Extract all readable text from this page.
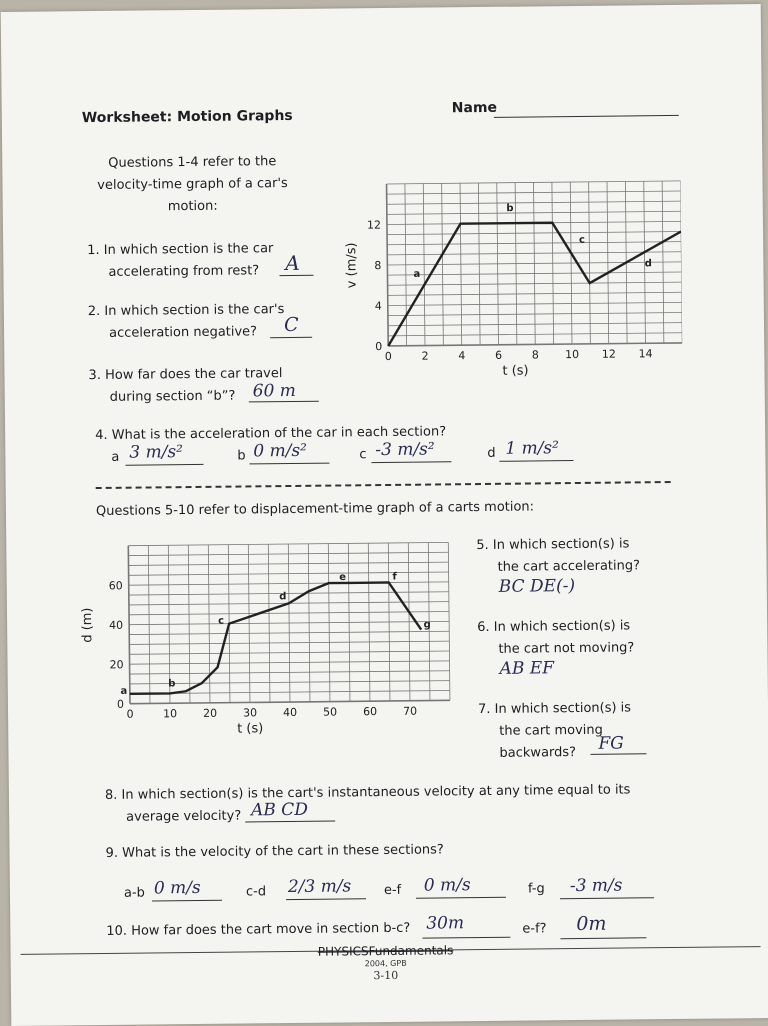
Worksheet: Motion Graphs	Name
Questions 1-4 refer to the
velocity-time graph of a car's
motion:
1. In which section is the car
accelerating from rest?	A
2. In which section is the car's
acceleration negative?	C
3. How far does the car travel
during section “b”?	60 m
0	2	4	6	8 10 12 14
0
4
8
12
a
b
c
d
t (s)
v (m/s)
4. What is the acceleration of the car in each section?
a 3 m/s²	b 0 m/s²	c -3 m/s²	d 1 m/s²
Questions 5-10 refer to displacement-time graph of a carts motion:
0	10 20 30 40 50 60 70
0
20
40
60
a
b
c
d
e	f
g
t (s)
d (m)
5. In which section(s) is
the cart accelerating?
BC DE(-)
6. In which section(s) is
the cart not moving?
AB EF
7. In which section(s) is
the cart moving
backwards?	FG
8. In which section(s) is the cart's instantaneous velocity at any time equal to its
average velocity? AB CD
9. What is the velocity of the cart in these sections?
a-b 0 m/s	c-d 2/3 m/s	e-f 0 m/s	f-g -3 m/s
10. How far does the cart move in section b-c? 30m	e-f? 0m
PHYSICSFundamentals
2004, GPB
3-10
